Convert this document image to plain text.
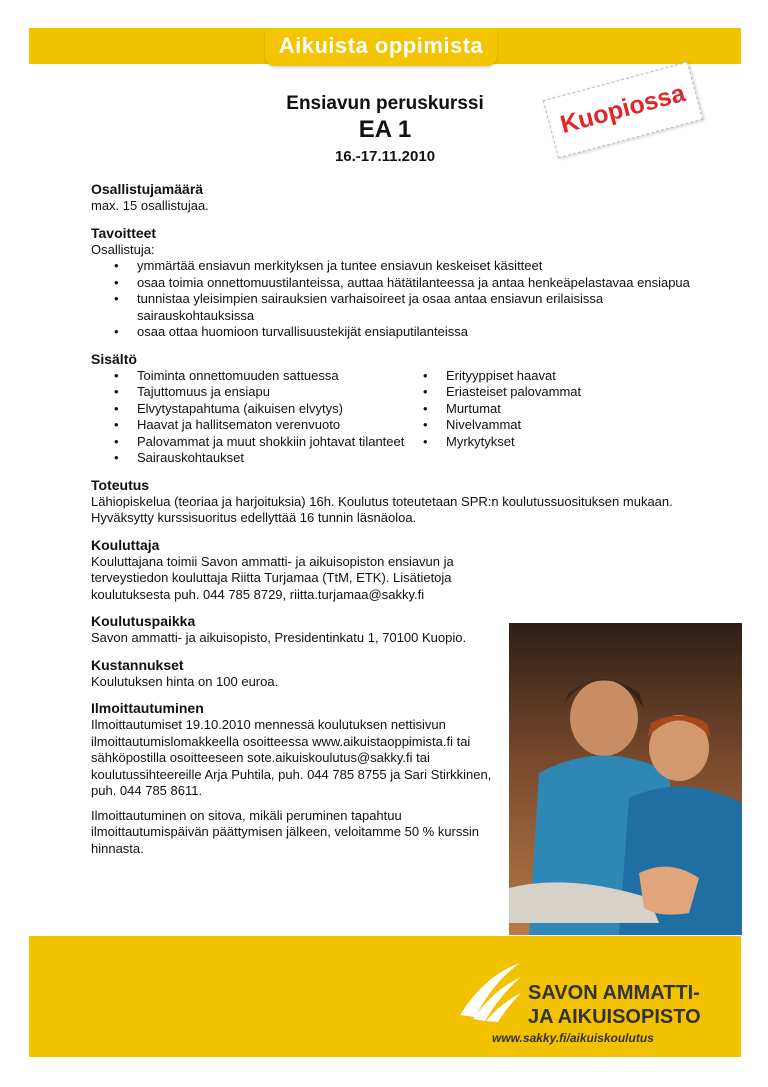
Aikuista oppimista
Ensiavun peruskurssi
EA 1
16.-17.11.2010
Kuopiossa

Osallistujamäärä

max. 15 osallistujaa.

Tavoitteet

Osallistuja:

• ymmärtää ensiavun merkityksen ja tuntee ensiavun keskeiset käsitteet
• osaa toimia onnettomuustilanteissa, auttaa hätätilanteessa ja antaa henkeäpelastavaa ensiapua
• tunnistaa yleisimpien sairauksien varhaisoireet ja osaa antaa ensiavun erilaisissa sairauskohtauksissa
• osaa ottaa huomioon turvallisuustekijät ensiaputilanteissa

Sisältö

• Toiminta onnettomuuden sattuessa
• Tajuttomuus ja ensiapu
• Elvytystapahtuma (aikuisen elvytys)
• Haavat ja hallitsematon verenvuoto
• Palovammat ja muut shokkiin johtavat tilanteet
• Sairauskohtaukset
• Erityyppiset haavat
• Eriasteiset palovammat
• Murtumat
• Nivelvammat
• Myrkytykset

Toteutus

Lähiopiskelua (teoriaa ja harjoituksia) 16h. Koulutus toteutetaan SPR:n koulutussuosituksen mukaan. Hyväksytty kurssisuoritus edellyttää 16 tunnin läsnäoloa.

Kouluttaja

Kouluttajana toimii Savon ammatti- ja aikuisopiston ensiavun ja terveystiedon kouluttaja Riitta Turjamaa (TtM, ETK). Lisätietoja koulutuksesta puh. 044 785 8729, riitta.turjamaa@sakky.fi

Koulutuspaikka

Savon ammatti- ja aikuisopisto, Presidentinkatu 1, 70100 Kuopio.

Kustannukset

Koulutuksen hinta on 100 euroa.

Ilmoittautuminen

Ilmoittautumiset 19.10.2010 mennessä koulutuksen nettisivun ilmoittautumislomakkeella osoitteessa www.aikuistaoppimista.fi tai sähköpostilla osoitteeseen sote.aikuiskoulutus@sakky.fi tai koulutussihteereille Arja Puhtila, puh. 044 785 8755 ja Sari Stirkkinen, puh. 044 785 8611.

Ilmoittautuminen on sitova, mikäli peruminen tapahtuu ilmoittautumispäivän päättymisen jälkeen, veloitamme 50 % kurssin hinnasta.

SAVON AMMATTI-
JA AIKUISOPISTO
www.sakky.fi/aikuiskoulutus
